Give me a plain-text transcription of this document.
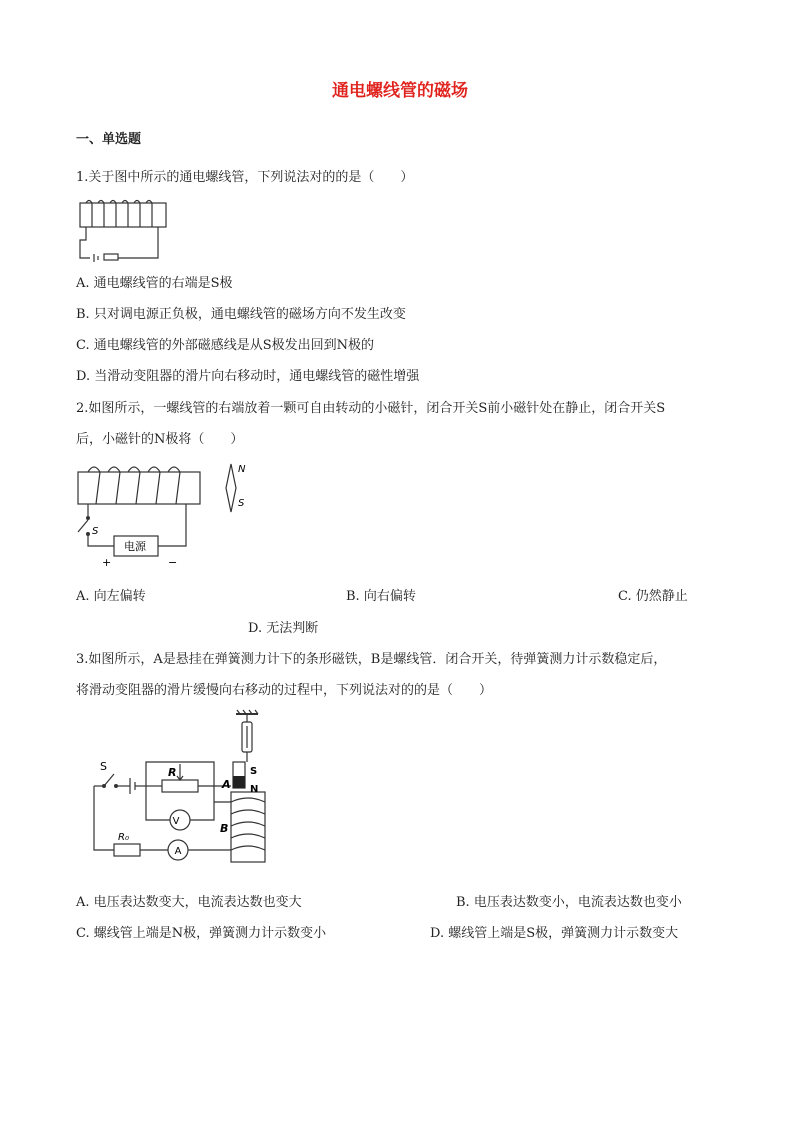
通电螺线管的磁场
一、单选题
1.关于图中所示的通电螺线管，下列说法对的的是（　　）
A. 通电螺线管的右端是S极
B. 只对调电源正负极，通电螺线管的磁场方向不发生改变
C. 通电螺线管的外部磁感线是从S极发出回到N极的
D. 当滑动变阻器的滑片向右移动时，通电螺线管的磁性增强
2.如图所示，一螺线管的右端放着一颗可自由转动的小磁针，闭合开关S前小磁针处在静止，闭合开关S
后，小磁针的N极将（　　）
S
电源
+	−
N
S
A. 向左偏转	B. 向右偏转	C. 仍然静止
D. 无法判断
3.如图所示，A是悬挂在弹簧测力计下的条形磁铁，B是螺线管．闭合开关，待弹簧测力计示数稳定后，
将滑动变阻器的滑片缓慢向右移动的过程中，下列说法对的的是（　　）
S	R
V
A
R₀
A
B
S
N
A. 电压表达数变大，电流表达数也变大	B. 电压表达数变小，电流表达数也变小
C. 螺线管上端是N极，弹簧测力计示数变小	D. 螺线管上端是S极，弹簧测力计示数变大
